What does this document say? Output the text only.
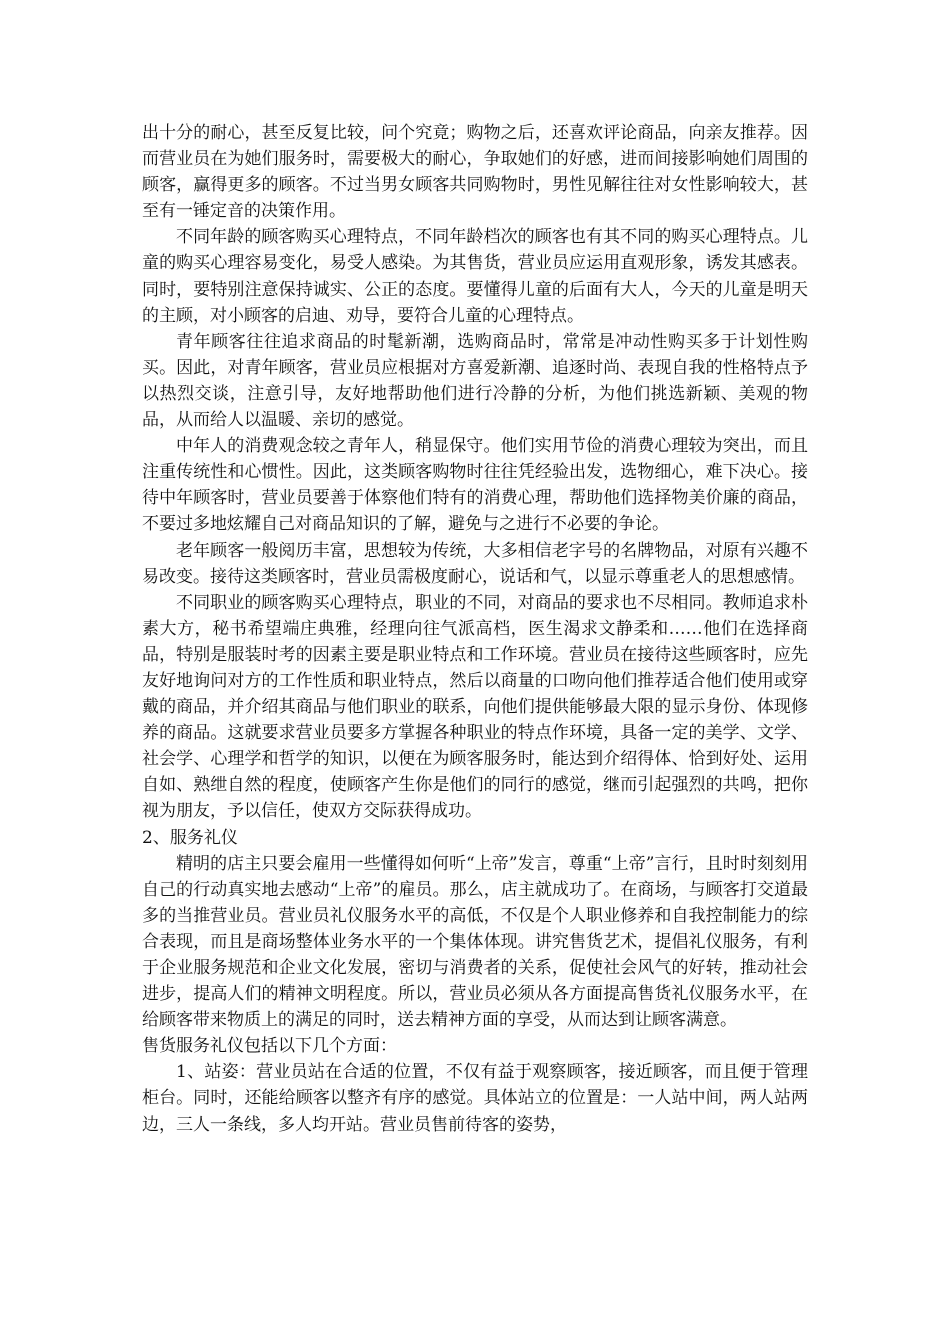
出十分的耐心，甚至反复比较，问个究竟；购物之后，还喜欢评论商品，向亲友推荐。因而营业员在为她们服务时，需要极大的耐心，争取她们的好感，进而间接影响她们周围的顾客，赢得更多的顾客。不过当男女顾客共同购物时，男性见解往往对女性影响较大，甚至有一锤定音的决策作用。

不同年龄的顾客购买心理特点，不同年龄档次的顾客也有其不同的购买心理特点。儿童的购买心理容易变化，易受人感染。为其售货，营业员应运用直观形象，诱发其感表。同时，要特别注意保持诚实、公正的态度。要懂得儿童的后面有大人，今天的儿童是明天的主顾，对小顾客的启迪、劝导，要符合儿童的心理特点。

青年顾客往往追求商品的时髦新潮，选购商品时，常常是冲动性购买多于计划性购买。因此，对青年顾客，营业员应根据对方喜爱新潮、追逐时尚、表现自我的性格特点予以热烈交谈，注意引导，友好地帮助他们进行冷静的分析，为他们挑选新颖、美观的物品，从而给人以温暖、亲切的感觉。

中年人的消费观念较之青年人，稍显保守。他们实用节俭的消费心理较为突出，而且注重传统性和心惯性。因此，这类顾客购物时往往凭经验出发，选物细心，难下决心。接待中年顾客时，营业员要善于体察他们特有的消费心理，帮助他们选择物美价廉的商品，不要过多地炫耀自己对商品知识的了解，避免与之进行不必要的争论。

老年顾客一般阅历丰富，思想较为传统，大多相信老字号的名牌物品，对原有兴趣不易改变。接待这类顾客时，营业员需极度耐心，说话和气，以显示尊重老人的思想感情。

不同职业的顾客购买心理特点，职业的不同，对商品的要求也不尽相同。教师追求朴素大方，秘书希望端庄典雅，经理向往气派高档，医生渴求文静柔和……他们在选择商品，特别是服装时考的因素主要是职业特点和工作环境。营业员在接待这些顾客时，应先友好地询问对方的工作性质和职业特点，然后以商量的口吻向他们推荐适合他们使用或穿戴的商品，并介绍其商品与他们职业的联系，向他们提供能够最大限的显示身份、体现修养的商品。这就要求营业员要多方掌握各种职业的特点作环境，具备一定的美学、文学、社会学、心理学和哲学的知识，以便在为顾客服务时，能达到介绍得体、恰到好处、运用自如、熟绁自然的程度，使顾客产生你是他们的同行的感觉，继而引起强烈的共鸣，把你视为朋友，予以信任，使双方交际获得成功。

2、服务礼仪

精明的店主只要会雇用一些懂得如何听“上帝”发言，尊重“上帝”言行，且时时刻刻用自己的行动真实地去感动“上帝”的雇员。那么，店主就成功了。在商场，与顾客打交道最多的当推营业员。营业员礼仪服务水平的高低，不仅是个人职业修养和自我控制能力的综合表现，而且是商场整体业务水平的一个集体体现。讲究售货艺术，提倡礼仪服务，有利于企业服务规范和企业文化发展，密切与消费者的关系，促使社会风气的好转，推动社会进步，提高人们的精神文明程度。所以，营业员必须从各方面提高售货礼仪服务水平，在给顾客带来物质上的满足的同时，送去精神方面的享受，从而达到让顾客满意。

售货服务礼仪包括以下几个方面：

1、站姿：营业员站在合适的位置，不仅有益于观察顾客，接近顾客，而且便于管理柜台。同时，还能给顾客以整齐有序的感觉。具体站立的位置是：一人站中间，两人站两边，三人一条线，多人均开站。营业员售前待客的姿势，
